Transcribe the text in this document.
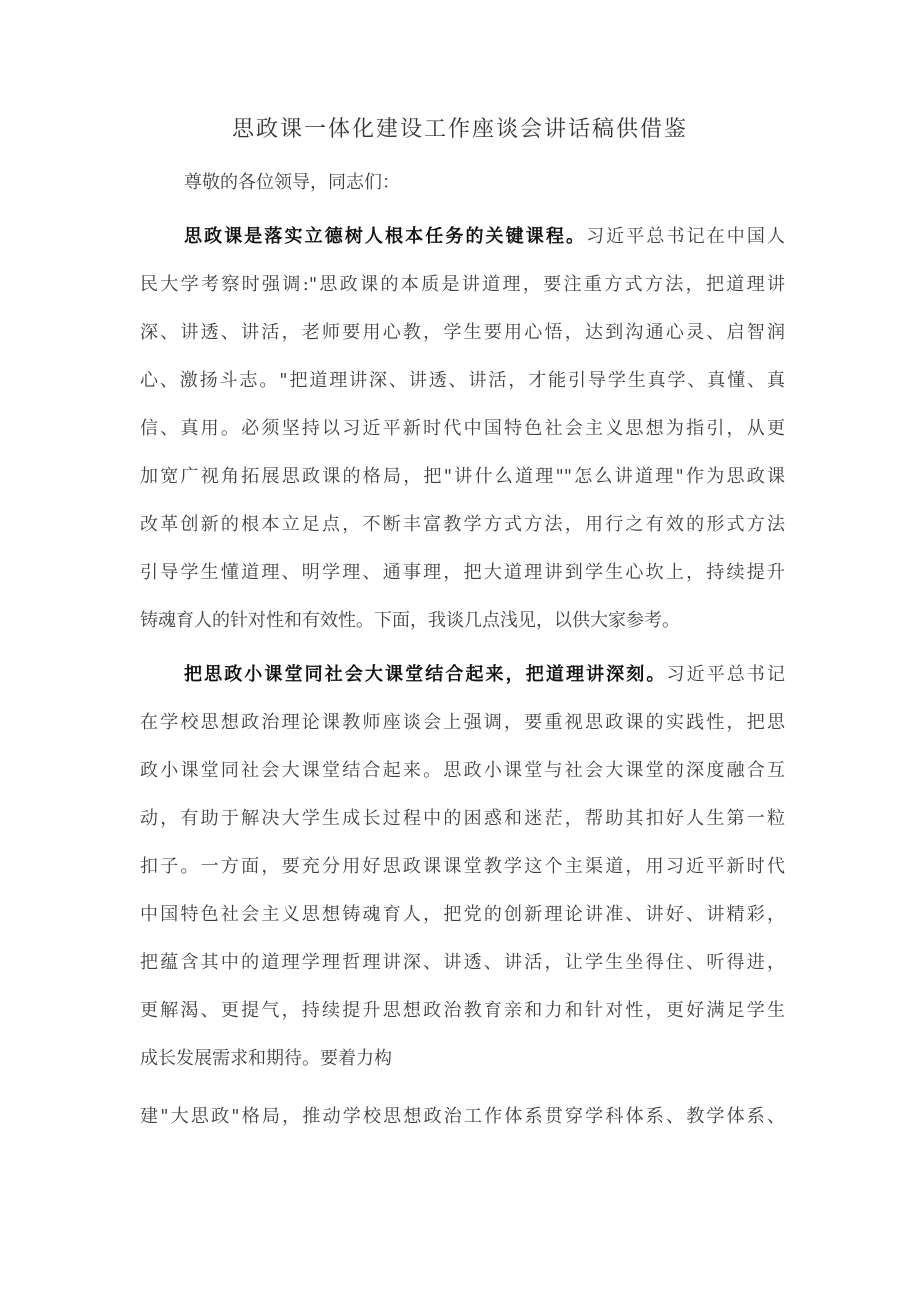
思政课一体化建设工作座谈会讲话稿供借鉴
尊敬的各位领导，同志们：
思政课是落实立德树人根本任务的关键课程。习近平总书记在中国人
民大学考察时强调:"思政课的本质是讲道理，要注重方式方法，把道理讲
深、讲透、讲活，老师要用心教，学生要用心悟，达到沟通心灵、启智润
心、激扬斗志。"把道理讲深、讲透、讲活，才能引导学生真学、真懂、真
信、真用。必须坚持以习近平新时代中国特色社会主义思想为指引，从更
加宽广视角拓展思政课的格局，把"讲什么道理""怎么讲道理"作为思政课
改革创新的根本立足点，不断丰富教学方式方法，用行之有效的形式方法
引导学生懂道理、明学理、通事理，把大道理讲到学生心坎上，持续提升
铸魂育人的针对性和有效性。下面，我谈几点浅见，以供大家参考。
把思政小课堂同社会大课堂结合起来，把道理讲深刻。习近平总书记
在学校思想政治理论课教师座谈会上强调，要重视思政课的实践性，把思
政小课堂同社会大课堂结合起来。思政小课堂与社会大课堂的深度融合互
动，有助于解决大学生成长过程中的困惑和迷茫，帮助其扣好人生第一粒
扣子。一方面，要充分用好思政课课堂教学这个主渠道，用习近平新时代
中国特色社会主义思想铸魂育人，把党的创新理论讲准、讲好、讲精彩，
把蕴含其中的道理学理哲理讲深、讲透、讲活，让学生坐得住、听得进，
更解渴、更提气，持续提升思想政治教育亲和力和针对性，更好满足学生
成长发展需求和期待。要着力构
建"大思政"格局，推动学校思想政治工作体系贯穿学科体系、教学体系、
